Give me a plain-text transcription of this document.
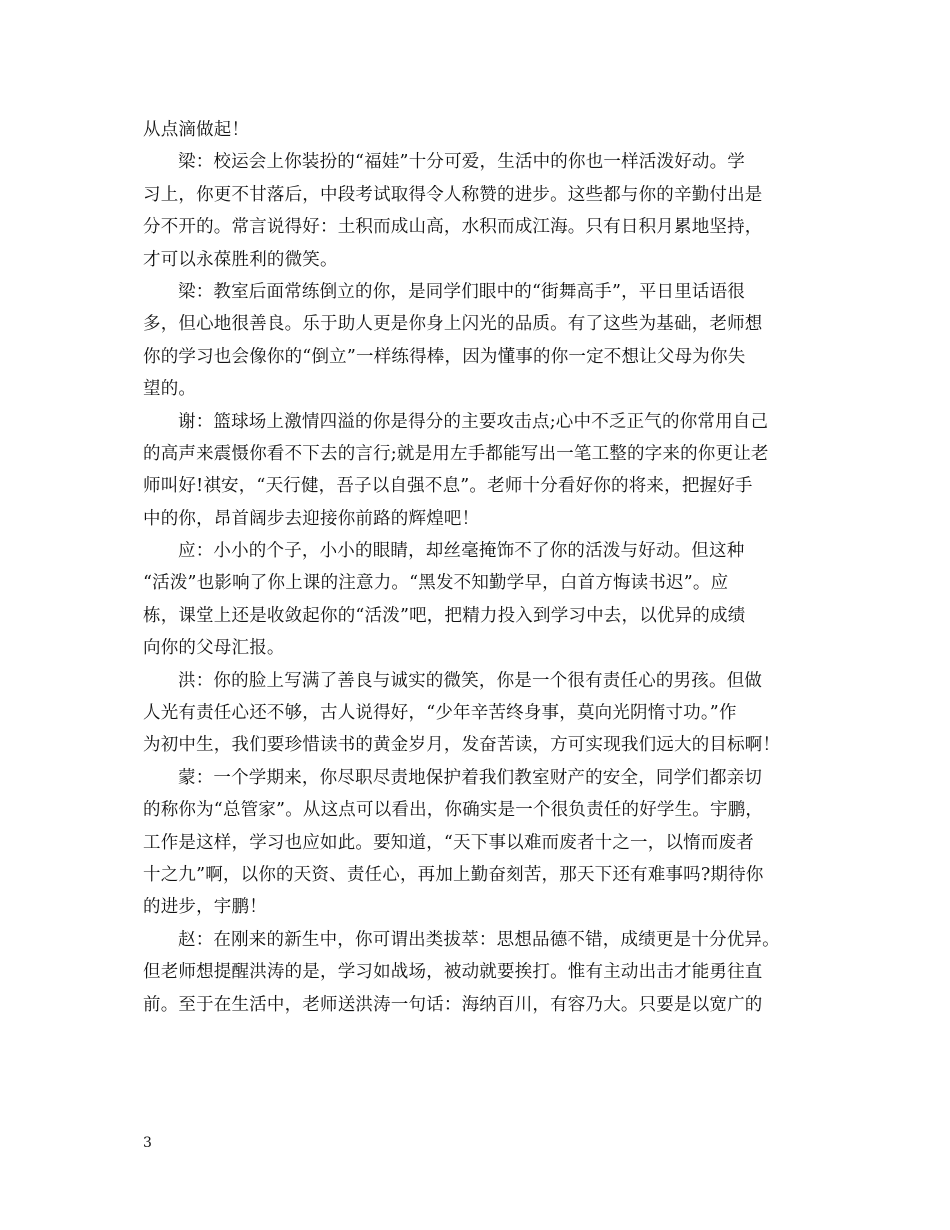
从点滴做起！
梁：校运会上你装扮的“福娃”十分可爱，生活中的你也一样活泼好动。学
习上，你更不甘落后，中段考试取得令人称赞的进步。这些都与你的辛勤付出是
分不开的。常言说得好：土积而成山高，水积而成江海。只有日积月累地坚持，
才可以永葆胜利的微笑。
梁：教室后面常练倒立的你，是同学们眼中的“街舞高手”，平日里话语很
多，但心地很善良。乐于助人更是你身上闪光的品质。有了这些为基础，老师想
你的学习也会像你的“倒立”一样练得棒，因为懂事的你一定不想让父母为你失
望的。
谢：篮球场上激情四溢的你是得分的主要攻击点;心中不乏正气的你常用自己
的高声来震慑你看不下去的言行;就是用左手都能写出一笔工整的字来的你更让老
师叫好!祺安，“天行健，吾子以自强不息”。老师十分看好你的将来，把握好手
中的你，昂首阔步去迎接你前路的辉煌吧！
应：小小的个子，小小的眼睛，却丝毫掩饰不了你的活泼与好动。但这种
“活泼”也影响了你上课的注意力。“黑发不知勤学早，白首方悔读书迟”。应
栋，课堂上还是收敛起你的“活泼”吧，把精力投入到学习中去，以优异的成绩
向你的父母汇报。
洪：你的脸上写满了善良与诚实的微笑，你是一个很有责任心的男孩。但做
人光有责任心还不够，古人说得好，“少年辛苦终身事，莫向光阴惰寸功。”作
为初中生，我们要珍惜读书的黄金岁月，发奋苦读，方可实现我们远大的目标啊！
蒙：一个学期来，你尽职尽责地保护着我们教室财产的安全，同学们都亲切
的称你为“总管家”。从这点可以看出，你确实是一个很负责任的好学生。宇鹏，
工作是这样，学习也应如此。要知道，“天下事以难而废者十之一，以惰而废者
十之九”啊，以你的天资、责任心，再加上勤奋刻苦，那天下还有难事吗?期待你
的进步，宇鹏！
赵：在刚来的新生中，你可谓出类拔萃：思想品德不错，成绩更是十分优异。
但老师想提醒洪涛的是，学习如战场，被动就要挨打。惟有主动出击才能勇往直
前。至于在生活中，老师送洪涛一句话：海纳百川，有容乃大。只要是以宽广的
3
